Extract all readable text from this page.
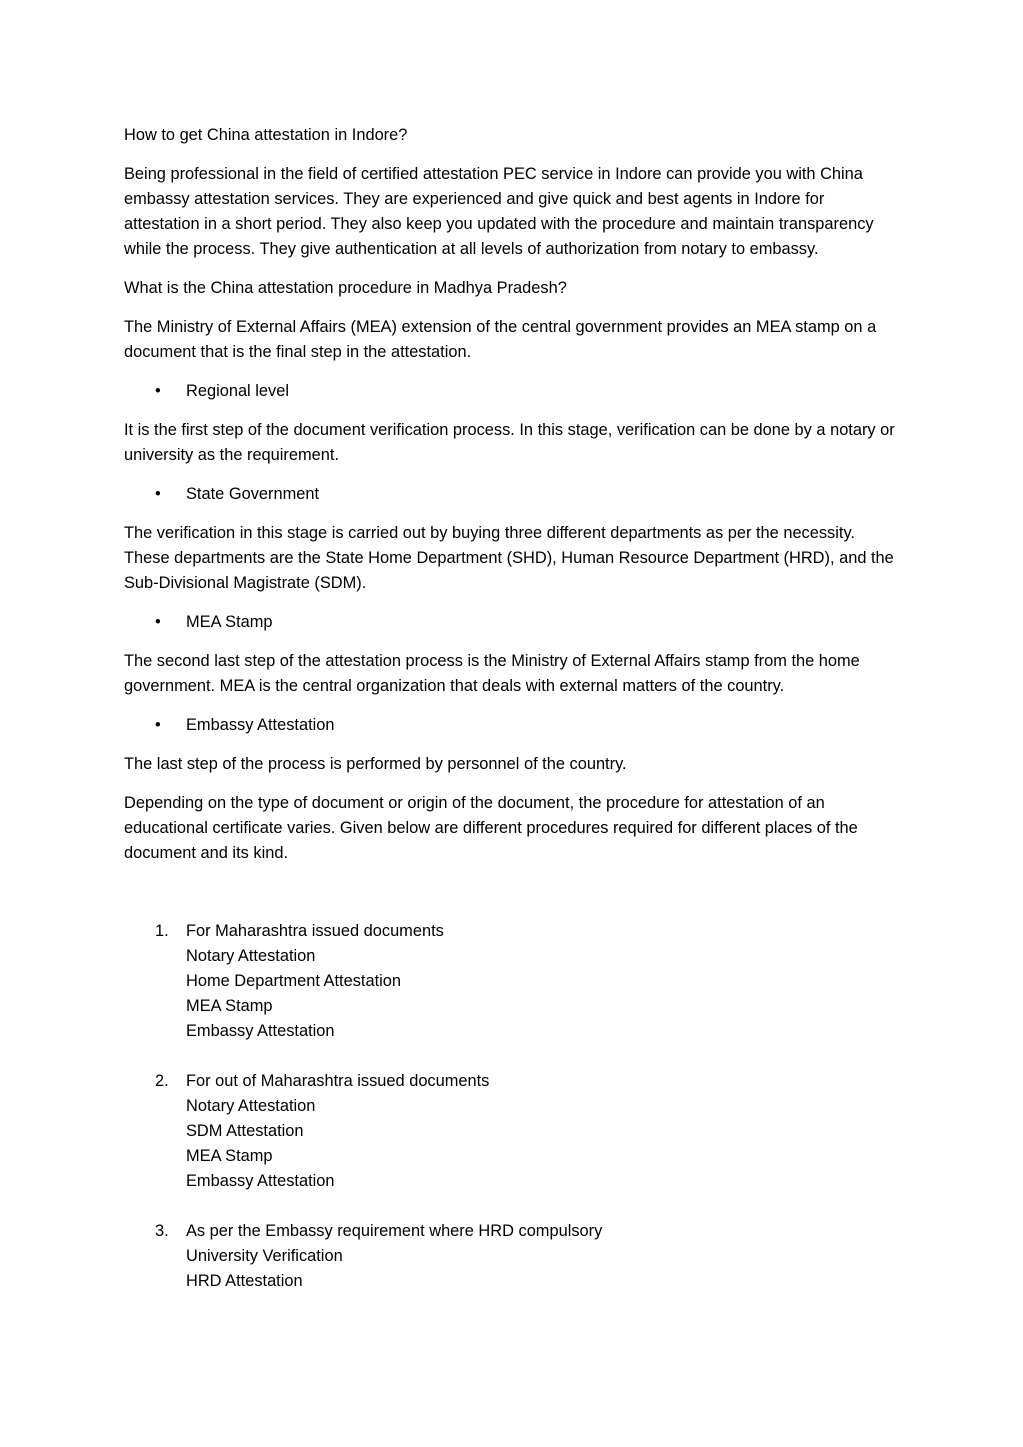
How to get China attestation in Indore?

Being professional in the field of certified attestation PEC service in Indore can provide you with China embassy attestation services. They are experienced and give quick and best agents in Indore for attestation in a short period. They also keep you updated with the procedure and maintain transparency while the process. They give authentication at all levels of authorization from notary to embassy.

What is the China attestation procedure in Madhya Pradesh?

The Ministry of External Affairs (MEA) extension of the central government provides an MEA stamp on a document that is the final step in the attestation.

• Regional level

It is the first step of the document verification process. In this stage, verification can be done by a notary or university as the requirement.

• State Government

The verification in this stage is carried out by buying three different departments as per the necessity. These departments are the State Home Department (SHD), Human Resource Department (HRD), and the Sub-Divisional Magistrate (SDM).

• MEA Stamp

The second last step of the attestation process is the Ministry of External Affairs stamp from the home government. MEA is the central organization that deals with external matters of the country.

• Embassy Attestation

The last step of the process is performed by personnel of the country.

Depending on the type of document or origin of the document, the procedure for attestation of an educational certificate varies. Given below are different procedures required for different places of the document and its kind.

1. For Maharashtra issued documents
Notary Attestation
Home Department Attestation
MEA Stamp
Embassy Attestation
2. For out of Maharashtra issued documents
Notary Attestation
SDM Attestation
MEA Stamp
Embassy Attestation
3. As per the Embassy requirement where HRD compulsory
University Verification
HRD Attestation
